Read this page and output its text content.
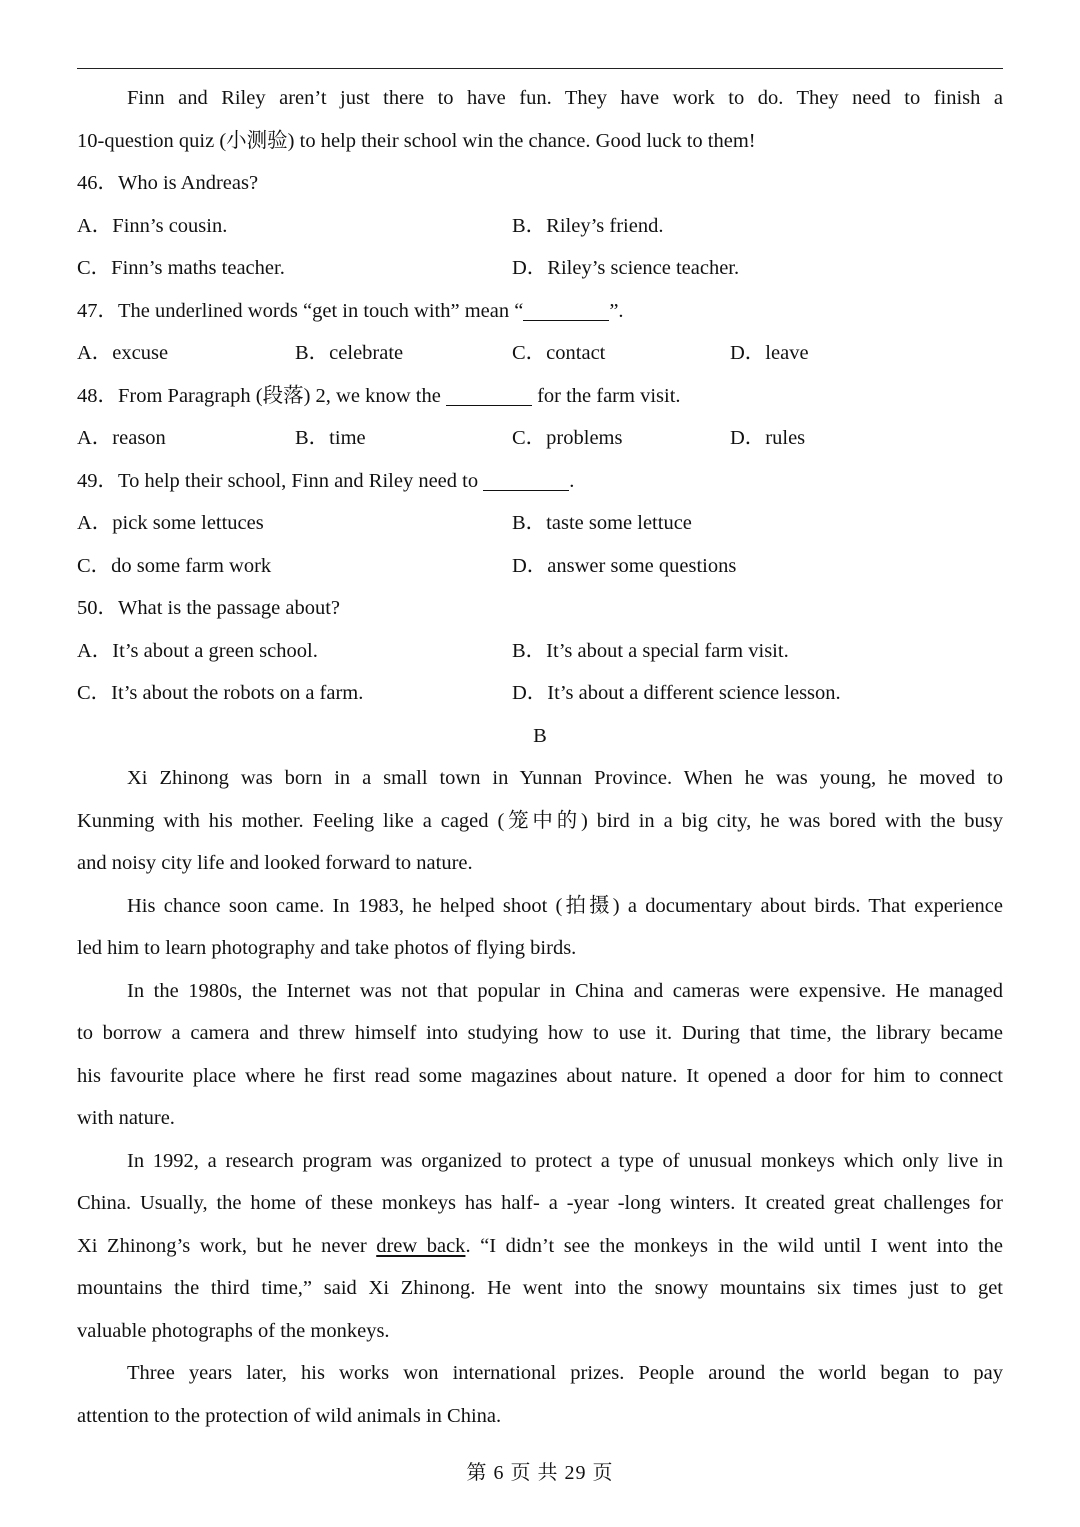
Finn and Riley aren’t just there to have fun. They have work to do. They need to finish a
10-question quiz (小测验) to help their school win the chance. Good luck to them!
46．Who is Andreas?
A．Finn’s cousin.	B．Riley’s friend.
C．Finn’s maths teacher.	D．Riley’s science teacher.
47．The underlined words “get in touch with” mean “	”.
A．excuse	B．celebrate	C．contact	D．leave
48．From Paragraph (段落) 2, we know the	for the farm visit.
A．reason	B．time	C．problems	D．rules
49．To help their school, Finn and Riley need to	.
A．pick some lettuces	B．taste some lettuce
C．do some farm work	D．answer some questions
50．What is the passage about?
A．It’s about a green school.	B．It’s about a special farm visit.
C．It’s about the robots on a farm.	D．It’s about a different science lesson.
B
Xi Zhinong was born in a small town in Yunnan Province. When he was young, he moved to
Kunming with his mother. Feeling like a caged (笼中的) bird in a big city, he was bored with the busy
and noisy city life and looked forward to nature.
His chance soon came. In 1983, he helped shoot (拍摄) a documentary about birds. That experience
led him to learn photography and take photos of flying birds.
In the 1980s, the Internet was not that popular in China and cameras were expensive. He managed
to borrow a camera and threw himself into studying how to use it. During that time, the library became
his favourite place where he first read some magazines about nature. It opened a door for him to connect
with nature.
In 1992, a research program was organized to protect a type of unusual monkeys which only live in
China. Usually, the home of these monkeys has half- a -year -long winters. It created great challenges for
Xi Zhinong’s work, but he never drew back. “I didn’t see the monkeys in the wild until I went into the
mountains the third time,” said Xi Zhinong. He went into the snowy mountains six times just to get
valuable photographs of the monkeys.
Three years later, his works won international prizes. People around the world began to pay
attention to the protection of wild animals in China.
第 6 页 共 29 页
